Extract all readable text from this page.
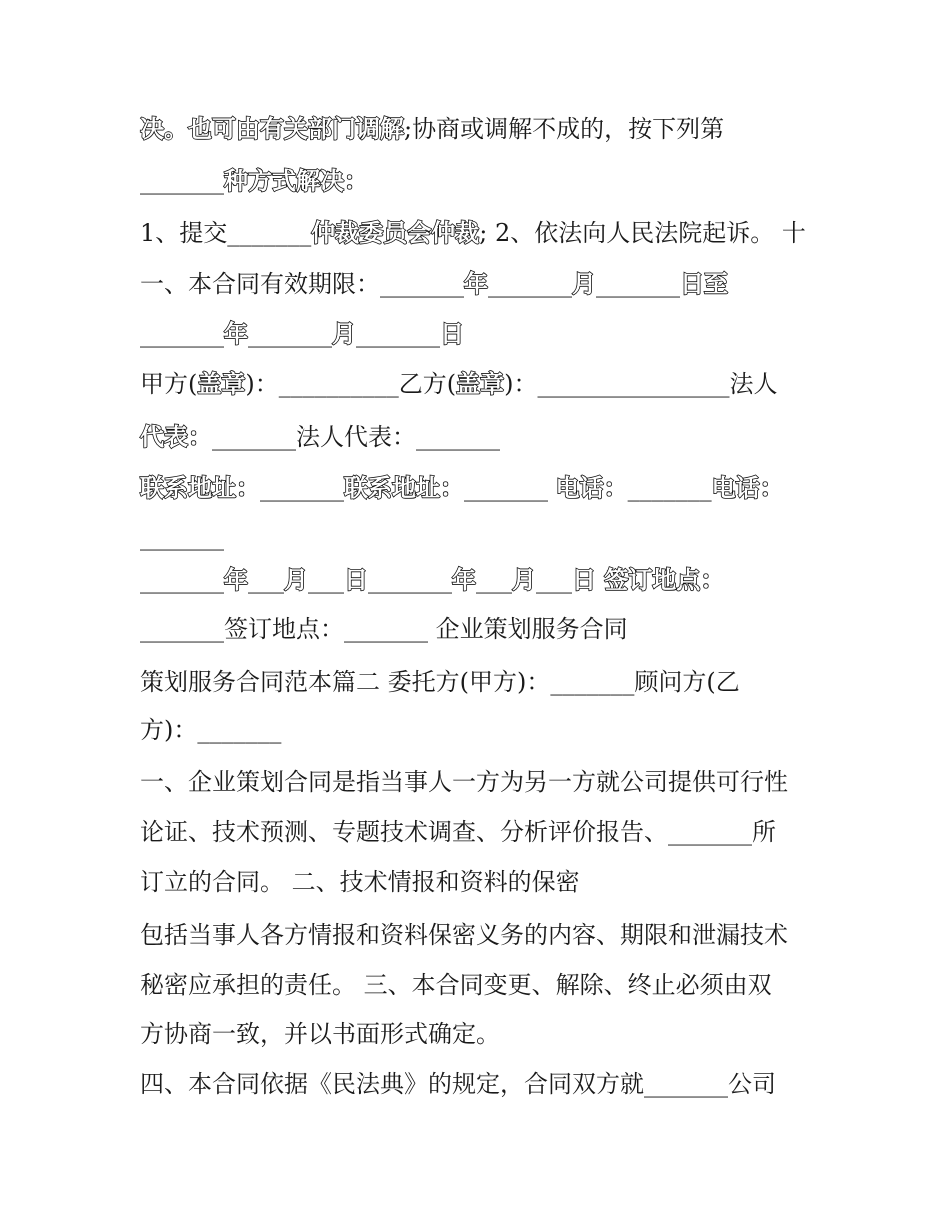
决。也可由有关部门调解;协商或调解不成的，按下列第
_______种方式解决：
1、提交_______仲裁委员会仲裁; 2、依法向人民法院起诉。 十
一、本合同有效期限：_______年_______月_______日至
_______年_______月_______日
甲方(盖章)：__________乙方(盖章)：________________法人
代表：_______法人代表：_______
联系地址：_______联系地址：_______ 电话：_______电话：
_______
_______年___月___日_______年___月___日 签订地点：
_______签订地点：_______ 企业策划服务合同
策划服务合同范本篇二 委托方(甲方)：_______顾问方(乙
方)：_______
一、企业策划合同是指当事人一方为另一方就公司提供可行性
论证、技术预测、专题技术调查、分析评价报告、_______所
订立的合同。 二、技术情报和资料的保密
包括当事人各方情报和资料保密义务的内容、期限和泄漏技术
秘密应承担的责任。 三、本合同变更、解除、终止必须由双
方协商一致，并以书面形式确定。
四、本合同依据《民法典》的规定，合同双方就_______公司
